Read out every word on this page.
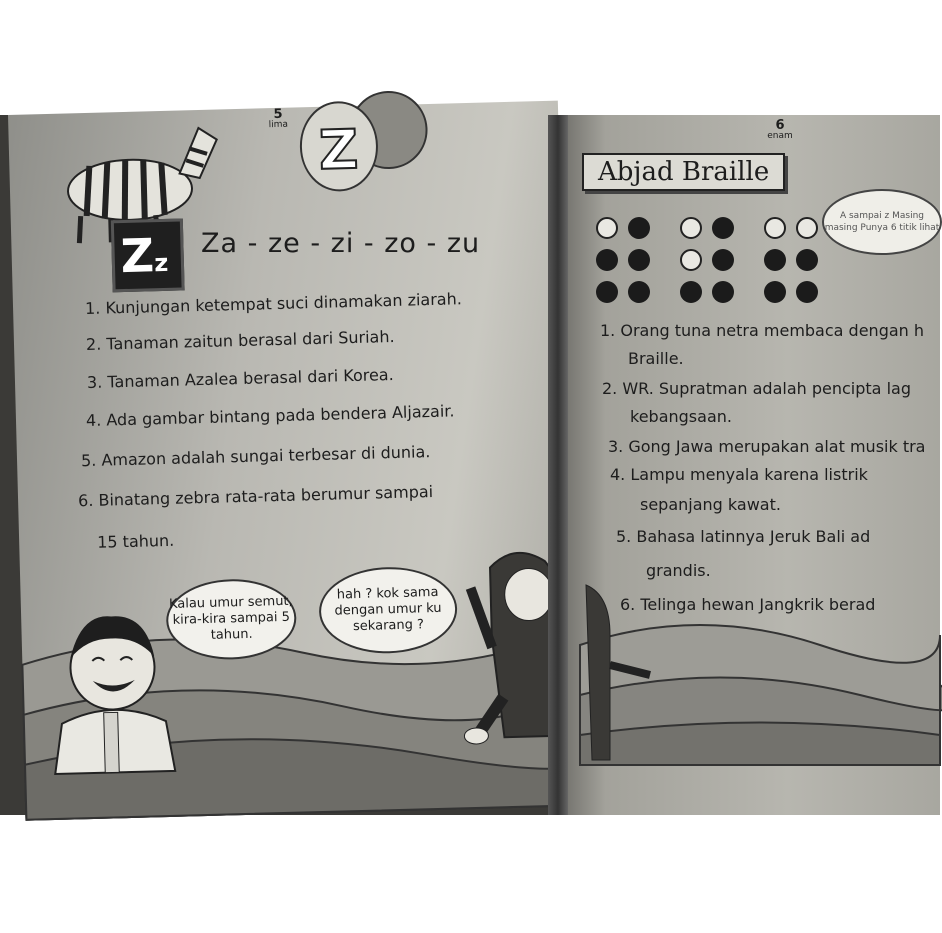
5
lima Z
Zz
Za - ze - zi - zo - zu
1. Kunjungan ketempat suci dinamakan ziarah.
2. Tanaman zaitun berasal dari Suriah.
3. Tanaman Azalea berasal dari Korea.
4. Ada gambar bintang pada bendera Aljazair.
5. Amazon adalah sungai terbesar di dunia.
6. Binatang zebra rata-rata berumur sampai
15 tahun.
Kalau umur semut, kira-kira sampai 5 tahun.
hah ? kok sama dengan umur ku sekarang ?
6
enam
Abjad Braille
A sampai z Masing masing Punya 6 titik lihat
1. Orang tuna netra membaca dengan h
Braille.
2. WR. Supratman adalah pencipta lag
kebangsaan.
3. Gong Jawa merupakan alat musik tra
4. Lampu menyala karena listrik
sepanjang kawat.
5. Bahasa latinnya Jeruk Bali ad
grandis.
6. Telinga hewan Jangkrik berad
